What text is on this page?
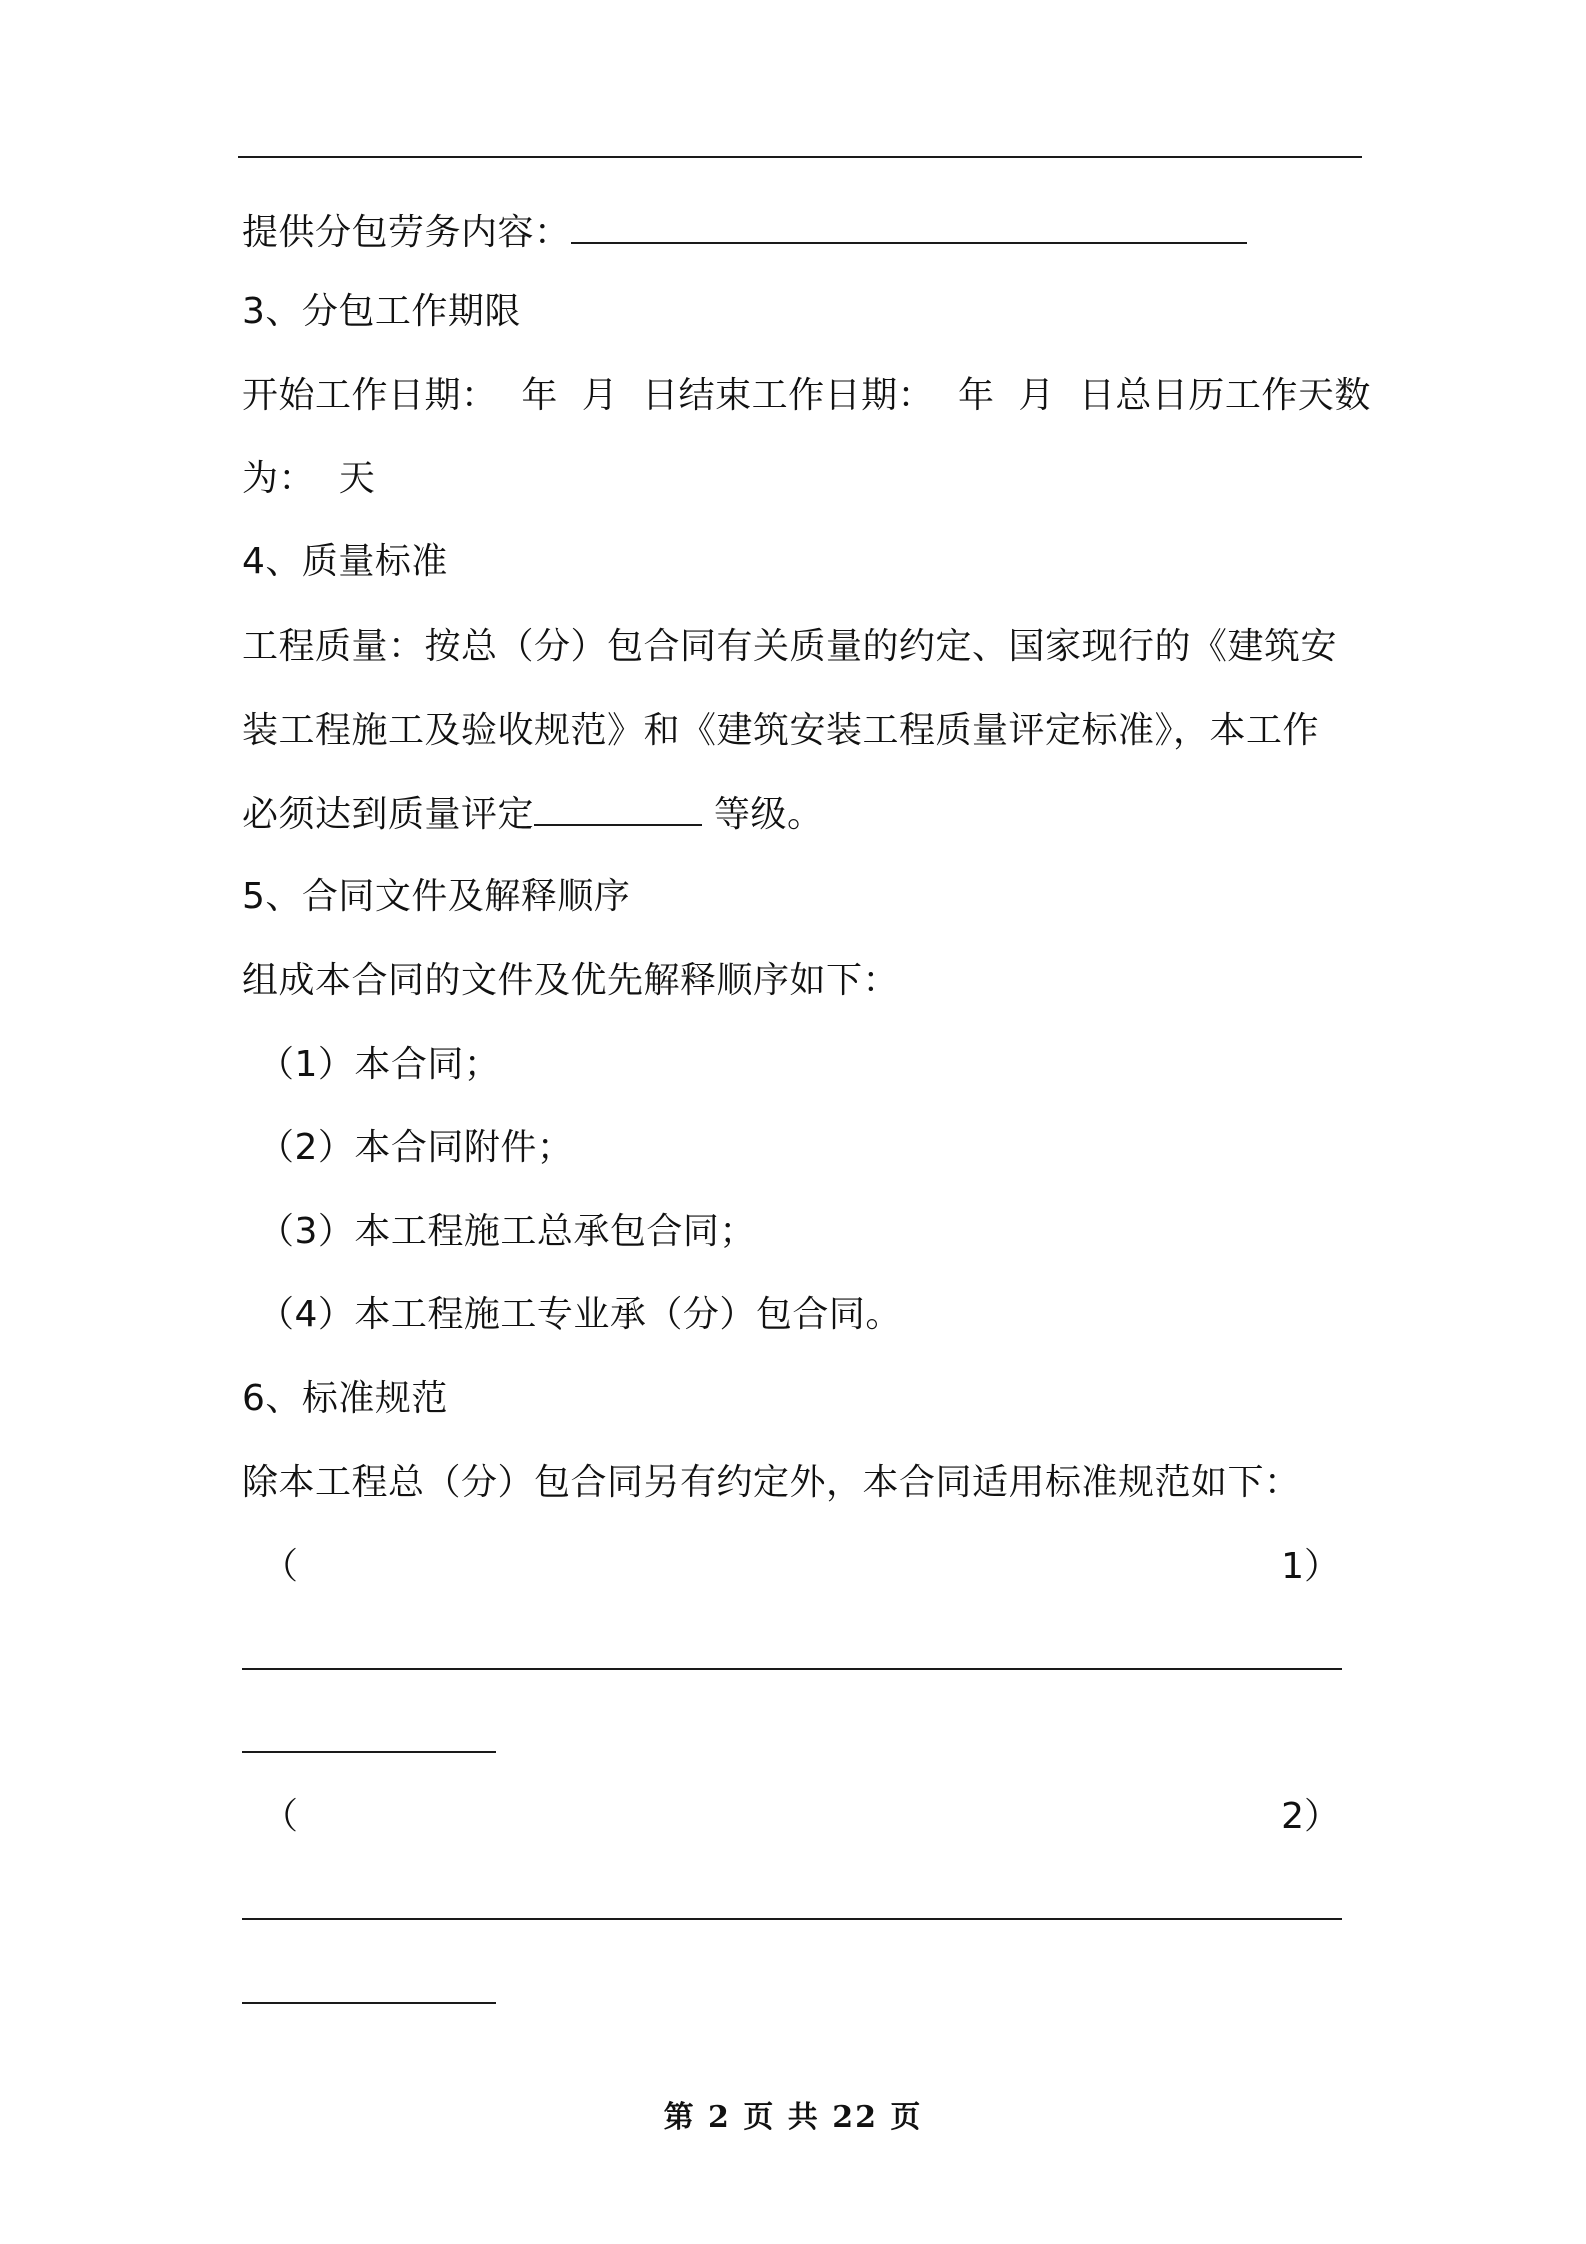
提供分包劳务内容：
3、分包工作期限
开始工作日期：  年  月  日结束工作日期：  年  月  日总日历工作天数
为：  天
4、质量标准
工程质量：按总（分）包合同有关质量的约定、国家现行的《建筑安
装工程施工及验收规范》和《建筑安装工程质量评定标准》，本工作
必须达到质量评定	等级。
5、合同文件及解释顺序
组成本合同的文件及优先解释顺序如下：
（1）本合同；
（2）本合同附件；
（3）本工程施工总承包合同；
（4）本工程施工专业承（分）包合同。
6、标准规范
除本工程总（分）包合同另有约定外，本合同适用标准规范如下：
（	1）
（	2）
第 2 页 共 22 页
